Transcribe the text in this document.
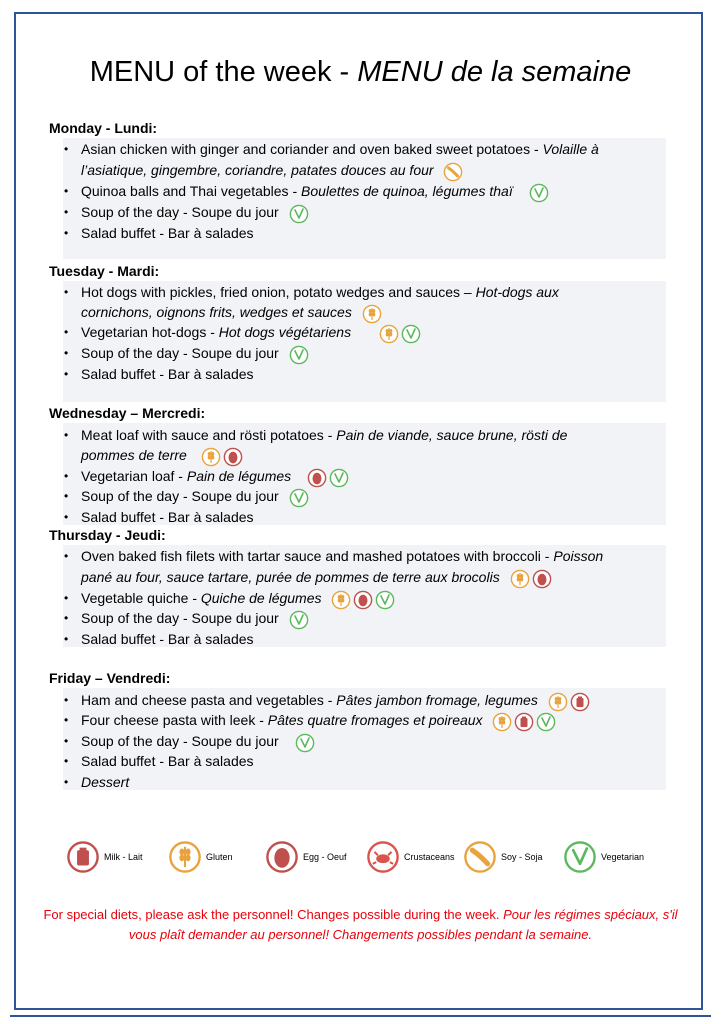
MENU of the week - MENU de la semaine
Monday - Lundi:
• Asian chicken with ginger and coriander and oven baked sweet potatoes - Volaille à
l’asiatique, gingembre, coriandre, patates douces au four
• Quinoa balls and Thai vegetables - Boulettes de quinoa, légumes thaï
• Soup of the day - Soupe du jour
• Salad buffet - Bar à salades
Tuesday - Mardi:
• Hot dogs with pickles, fried onion, potato wedges and sauces – Hot-dogs aux
cornichons, oignons frits, wedges et sauces
• Vegetarian hot-dogs - Hot dogs végétariens
• Soup of the day - Soupe du jour
• Salad buffet - Bar à salades
Wednesday – Mercredi:
• Meat loaf with sauce and rösti potatoes - Pain de viande, sauce brune, rösti de
pommes de terre
• Vegetarian loaf - Pain de légumes
• Soup of the day - Soupe du jour
• Salad buffet - Bar à salades
Thursday - Jeudi:
• Oven baked fish filets with tartar sauce and mashed potatoes with broccoli - Poisson
pané au four, sauce tartare, purée de pommes de terre aux brocolis
• Vegetable quiche - Quiche de légumes
• Soup of the day - Soupe du jour
• Salad buffet - Bar à salades
Friday – Vendredi:
• Ham and cheese pasta and vegetables - Pâtes jambon fromage, legumes
• Four cheese pasta with leek - Pâtes quatre fromages et poireaux
• Soup of the day - Soupe du jour
• Salad buffet - Bar à salades
• Dessert
Milk - Lait	Gluten	Egg - Oeuf	Crustaceans	Soy - Soja	Vegetarian
For special diets, please ask the personnel! Changes possible during the week. Pour les régimes spéciaux, s'il vous plaît demander au personnel! Changements possibles pendant la semaine.
